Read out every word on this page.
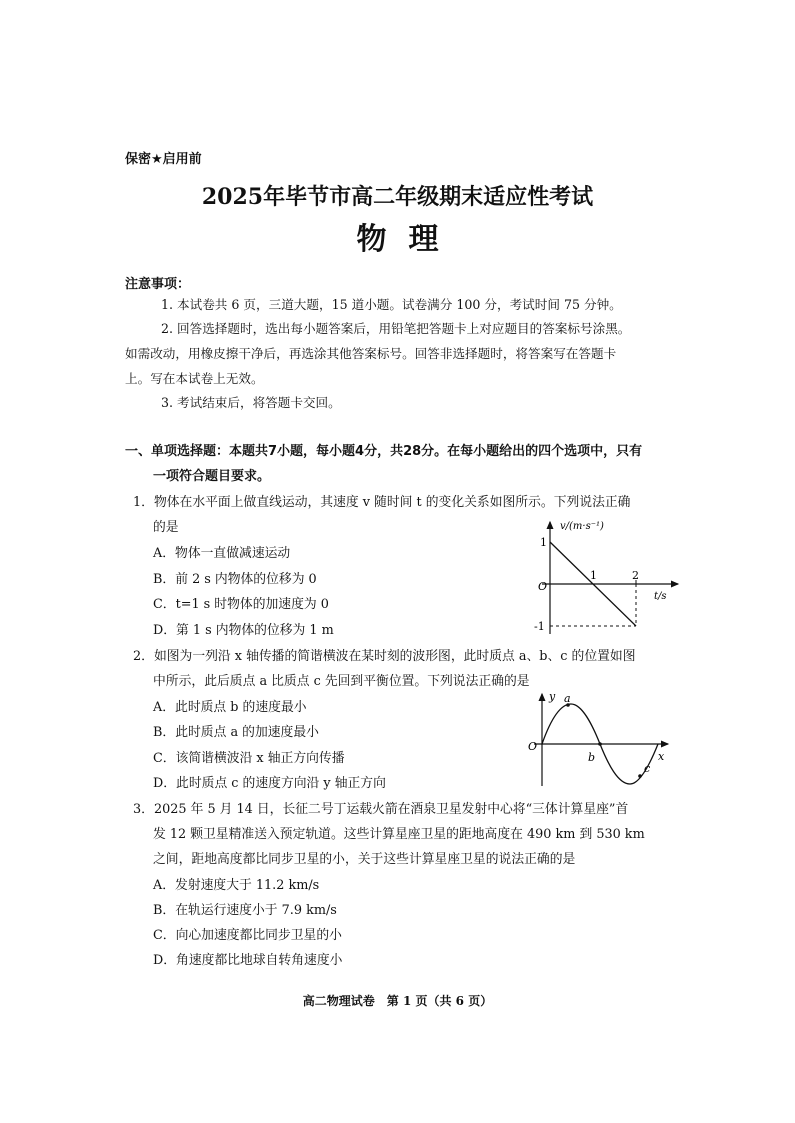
保密★启用前
2025年毕节市高二年级期末适应性考试
物理
注意事项：
1. 本试卷共 6 页，三道大题，15 道小题。试卷满分 100 分，考试时间 75 分钟。
2. 回答选择题时，选出每小题答案后，用铅笔把答题卡上对应题目的答案标号涂黑。
如需改动，用橡皮擦干净后，再选涂其他答案标号。回答非选择题时，将答案写在答题卡
上。写在本试卷上无效。
3. 考试结束后，将答题卡交回。
一、单项选择题：本题共7小题，每小题4分，共28分。在每小题给出的四个选项中，只有
一项符合题目要求。
1．物体在水平面上做直线运动，其速度 v 随时间 t 的变化关系如图所示。下列说法正确
的是
A．物体一直做减速运动
B．前 2 s 内物体的位移为 0
C．t=1 s 时物体的加速度为 0
D．第 1 s 内物体的位移为 1 m
v/(m·s⁻¹)
t/s
O
1
-1
1	2
2．如图为一列沿 x 轴传播的简谐横波在某时刻的波形图，此时质点 a、b、c 的位置如图
中所示，此后质点 a 比质点 c 先回到平衡位置。下列说法正确的是
A．此时质点 b 的速度最小
B．此时质点 a 的加速度最小
C．该简谐横波沿 x 轴正方向传播
D．此时质点 c 的速度方向沿 y 轴正方向
y
x
O
a
b
c
3．2025 年 5 月 14 日，长征二号丁运载火箭在酒泉卫星发射中心将“三体计算星座”首
发 12 颗卫星精准送入预定轨道。这些计算星座卫星的距地高度在 490 km 到 530 km
之间，距地高度都比同步卫星的小，关于这些计算星座卫星的说法正确的是
A．发射速度大于 11.2 km/s
B．在轨运行速度小于 7.9 km/s
C．向心加速度都比同步卫星的小
D．角速度都比地球自转角速度小
高二物理试卷　第 1 页（共 6 页）
